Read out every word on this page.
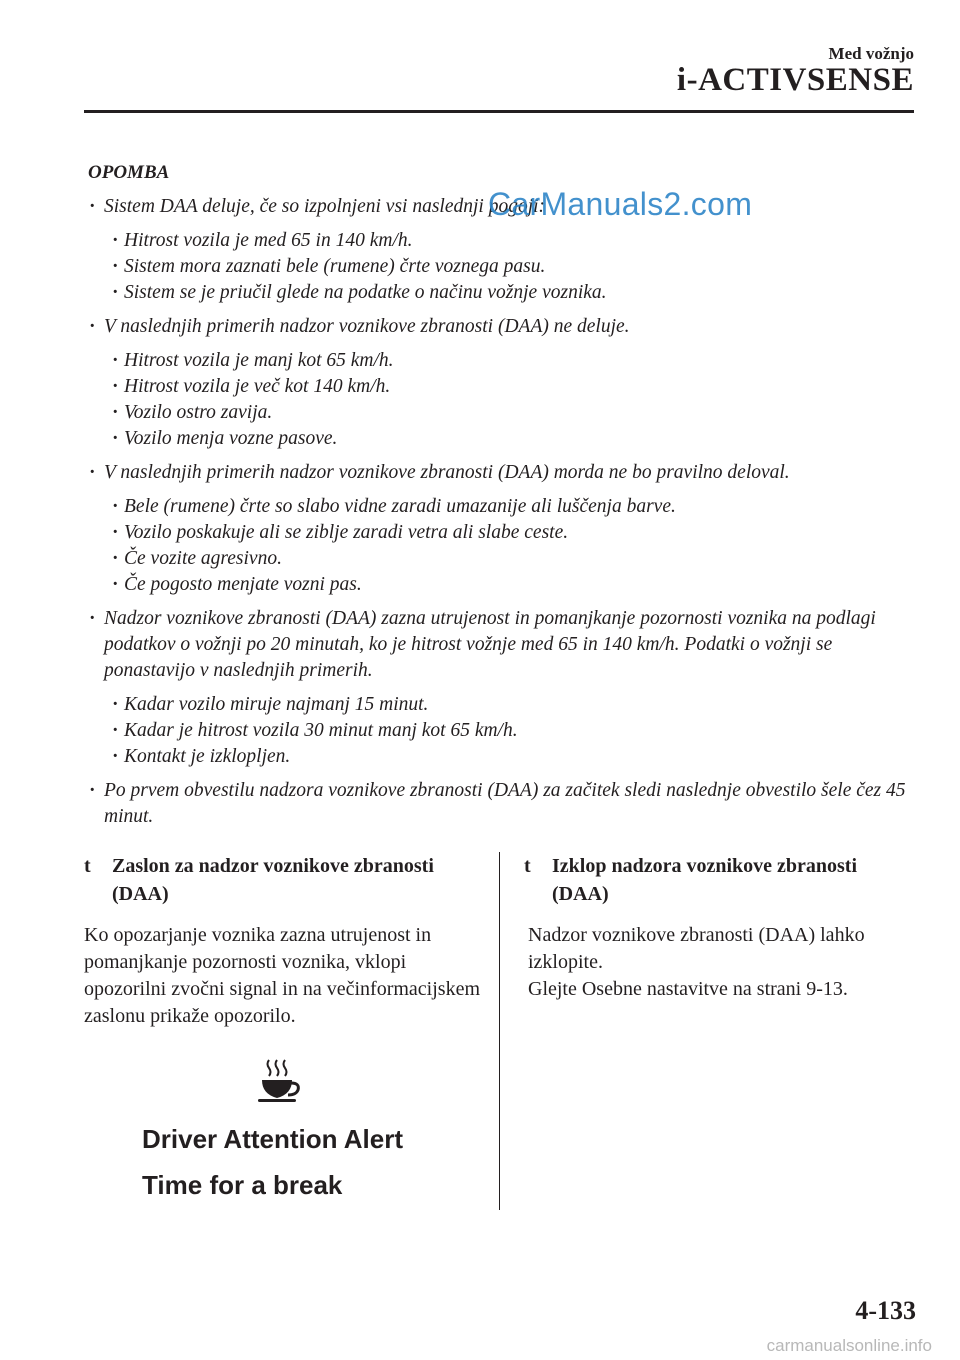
Med vožnjo
i-ACTIVSENSE
OPOMBA
· Sistem DAA deluje, če so izpolnjeni vsi naslednji pogoji:
· Hitrost vozila je med 65 in 140 km/h.
· Sistem mora zaznati bele (rumene) črte voznega pasu.
· Sistem se je priučil glede na podatke o načinu vožnje voznika.
· V naslednjih primerih nadzor voznikove zbranosti (DAA) ne deluje.
· Hitrost vozila je manj kot 65 km/h.
· Hitrost vozila je več kot 140 km/h.
· Vozilo ostro zavija.
· Vozilo menja vozne pasove.
· V naslednjih primerih nadzor voznikove zbranosti (DAA) morda ne bo pravilno deloval.
· Bele (rumene) črte so slabo vidne zaradi umazanije ali luščenja barve.
· Vozilo poskakuje ali se ziblje zaradi vetra ali slabe ceste.
· Če vozite agresivno.
· Če pogosto menjate vozni pas.
· Nadzor voznikove zbranosti (DAA) zazna utrujenost in pomanjkanje pozornosti voznika na podlagi podatkov o vožnji po 20 minutah, ko je hitrost vožnje med 65 in 140 km/h. Podatki o vožnji se ponastavijo v naslednjih primerih.
· Kadar vozilo miruje najmanj 15 minut.
· Kadar je hitrost vozila 30 minut manj kot 65 km/h.
· Kontakt je izklopljen.
· Po prvem obvestilu nadzora voznikove zbranosti (DAA) za začitek sledi naslednje obvestilo šele čez 45 minut.
CarManuals2.com
t Zaslon za nadzor voznikove zbranosti (DAA)

Ko opozarjanje voznika zazna utrujenost in pomanjkanje pozornosti voznika, vklopi opozorilni zvočni signal in na večinformacijskem zaslonu prikaže opozorilo.

Driver Attention Alert
Time for a break
t Izklop nadzora voznikove zbranosti (DAA)

Nadzor voznikove zbranosti (DAA) lahko izklopite.

Glejte Osebne nastavitve na strani 9-13.

4-133
carmanualsonline.info
